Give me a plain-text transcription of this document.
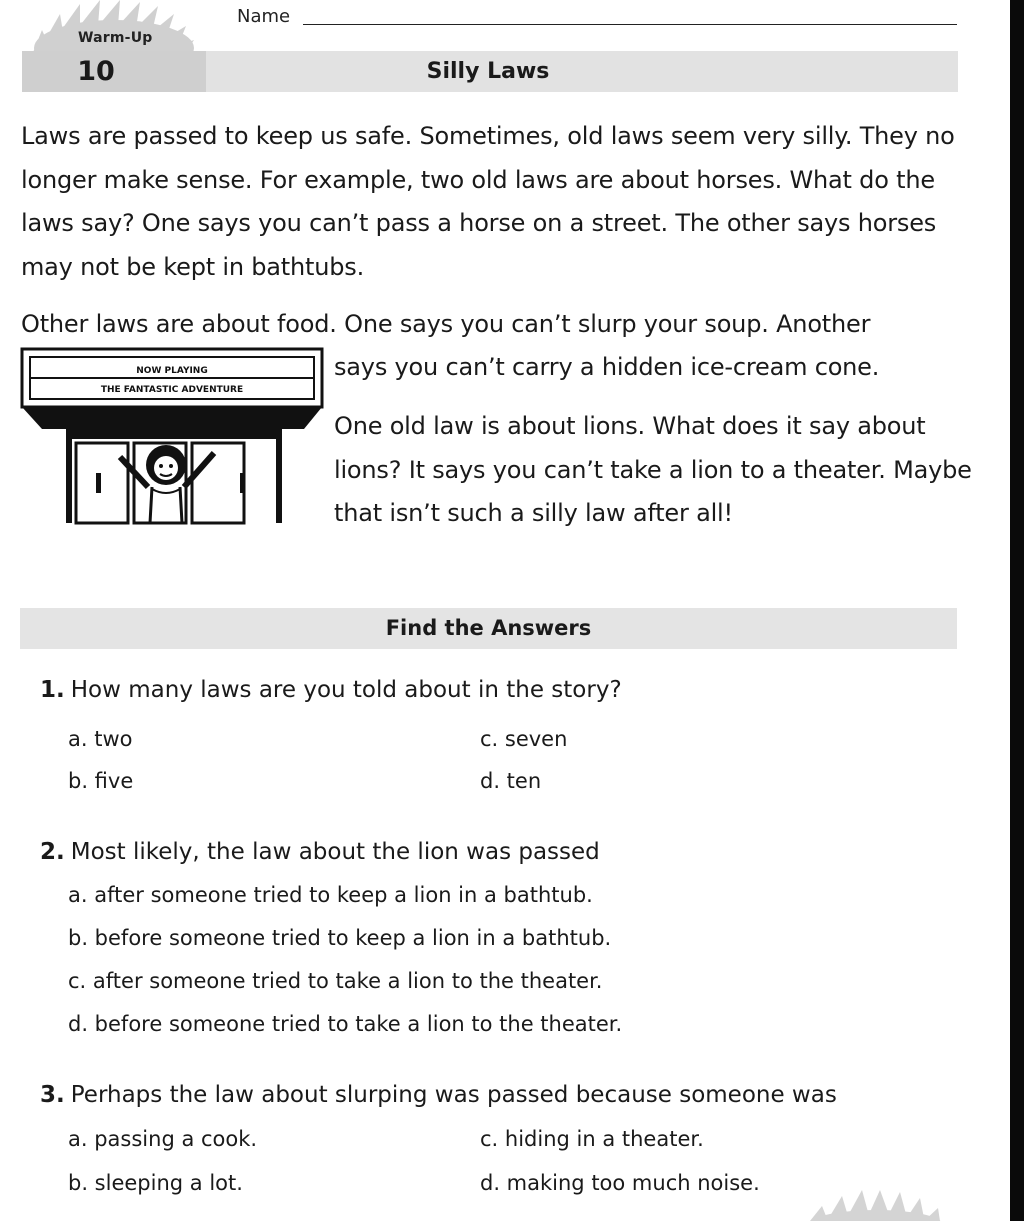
Warm-Up
Name
10	Silly Laws

Laws are passed to keep us safe. Sometimes, old laws seem very silly. They no longer make sense. For example, two old laws are about horses. What do the laws say? One says you can’t pass a horse on a street. The other says horses may not be kept in bathtubs.

Other laws are about food. One says you can’t slurp your soup. Another

says you can’t carry a hidden ice-cream cone.

One old law is about lions. What does it say about lions? It says you can’t take a lion to a theater. Maybe that isn’t such a silly law after all!

NOW PLAYING
THE FANTASTIC ADVENTURE
Find the Answers
1. How many laws are you told about in the story?
a. two
b. five
c. seven
d. ten
2. Most likely, the law about the lion was passed
a. after someone tried to keep a lion in a bathtub.
b. before someone tried to keep a lion in a bathtub.
c. after someone tried to take a lion to the theater.
d. before someone tried to take a lion to the theater.
3. Perhaps the law about slurping was passed because someone was
a. passing a cook.
b. sleeping a lot.
c. hiding in a theater.
d. making too much noise.
